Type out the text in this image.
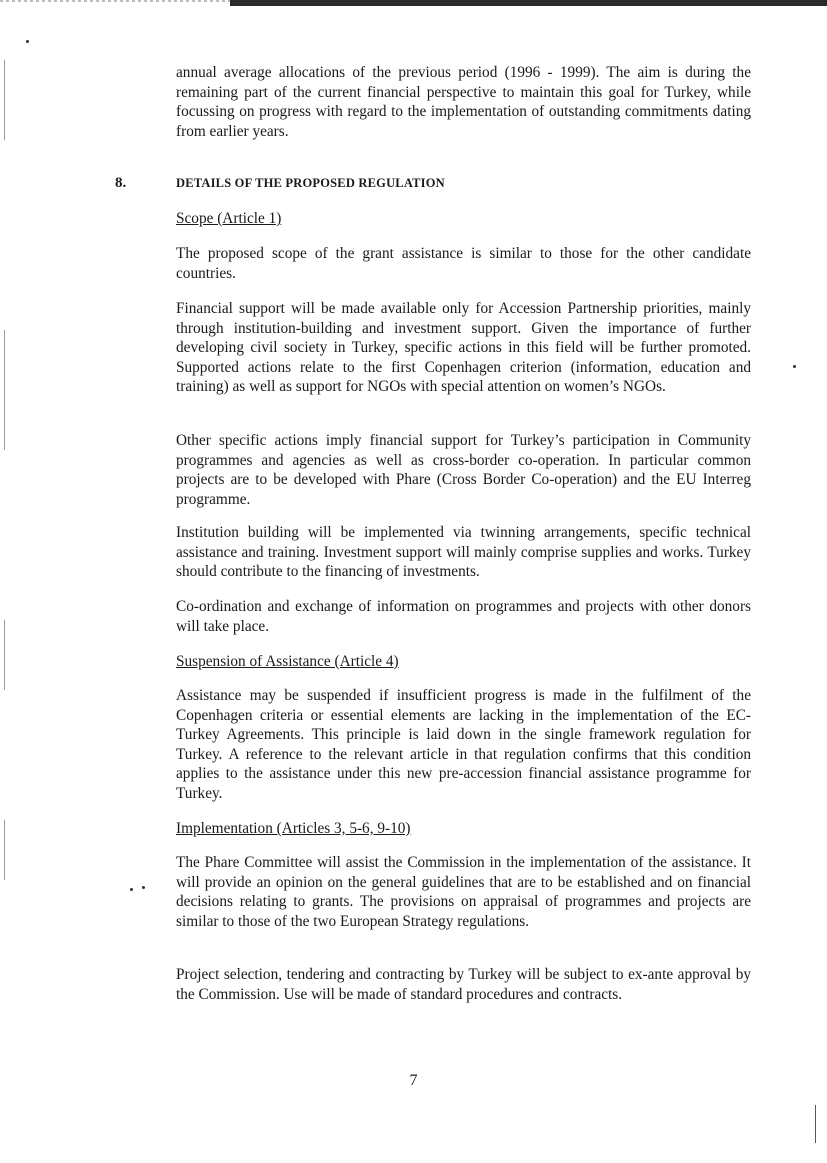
annual average allocations of the previous period (1996 - 1999). The aim is during the remaining part of the current financial perspective to maintain this goal for Turkey, while focussing on progress with regard to the implementation of outstanding commitments dating from earlier years.

8.	DETAILS OF THE PROPOSED REGULATION

Scope (Article 1)

The proposed scope of the grant assistance is similar to those for the other candidate countries.

Financial support will be made available only for Accession Partnership priorities, mainly through institution-building and investment support. Given the importance of further developing civil society in Turkey, specific actions in this field will be further promoted. Supported actions relate to the first Copenhagen criterion (information, education and training) as well as support for NGOs with special attention on women’s NGOs.

Other specific actions imply financial support for Turkey’s participation in Community programmes and agencies as well as cross-border co-operation. In particular common projects are to be developed with Phare (Cross Border Co-operation) and the EU Interreg programme.

Institution building will be implemented via twinning arrangements, specific technical assistance and training. Investment support will mainly comprise supplies and works. Turkey should contribute to the financing of investments.

Co-ordination and exchange of information on programmes and projects with other donors will take place.

Suspension of Assistance (Article 4)

Assistance may be suspended if insufficient progress is made in the fulfilment of the Copenhagen criteria or essential elements are lacking in the implementation of the EC-Turkey Agreements. This principle is laid down in the single framework regulation for Turkey. A reference to the relevant article in that regulation confirms that this condition applies to the assistance under this new pre-accession financial assistance programme for Turkey.

Implementation (Articles 3, 5-6, 9-10)

The Phare Committee will assist the Commission in the implementation of the assistance. It will provide an opinion on the general guidelines that are to be established and on financial decisions relating to grants. The provisions on appraisal of programmes and projects are similar to those of the two European Strategy regulations.

Project selection, tendering and contracting by Turkey will be subject to ex-ante approval by the Commission. Use will be made of standard procedures and contracts.

7
